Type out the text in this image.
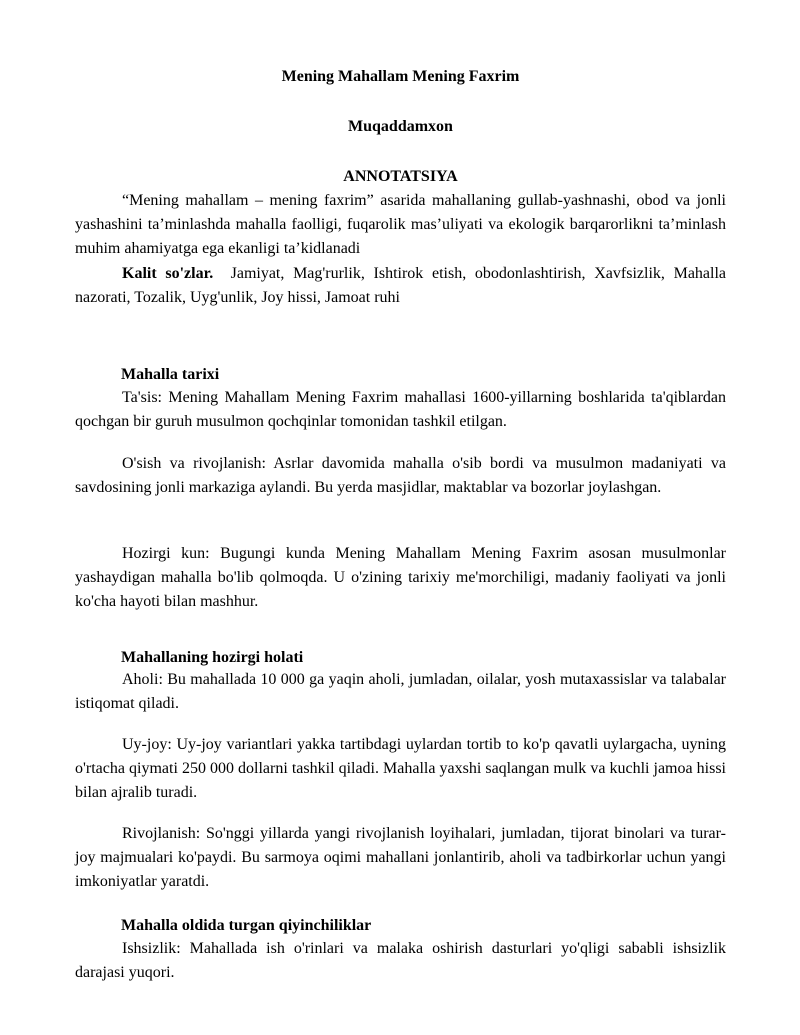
Mening Mahallam Mening Faxrim
Muqaddamxon
ANNOTATSIYA
“Mening mahallam – mening faxrim” asarida mahallaning gullab-yashnashi, obod va jonli yashashini ta’minlashda mahalla faolligi, fuqarolik mas’uliyati va ekologik barqarorlikni ta’minlash muhim ahamiyatga ega ekanligi ta’kidlanadi
Kalit so'zlar. Jamiyat, Mag'rurlik, Ishtirok etish, obodonlashtirish, Xavfsizlik, Mahalla nazorati, Tozalik, Uyg'unlik, Joy hissi, Jamoat ruhi
Mahalla tarixi
Ta'sis: Mening Mahallam Mening Faxrim mahallasi 1600-yillarning boshlarida ta'qiblardan qochgan bir guruh musulmon qochqinlar tomonidan tashkil etilgan.
O'sish va rivojlanish: Asrlar davomida mahalla o'sib bordi va musulmon madaniyati va savdosining jonli markaziga aylandi. Bu yerda masjidlar, maktablar va bozorlar joylashgan.
Hozirgi kun: Bugungi kunda Mening Mahallam Mening Faxrim asosan musulmonlar yashaydigan mahalla bo'lib qolmoqda. U o'zining tarixiy me'morchiligi, madaniy faoliyati va jonli ko'cha hayoti bilan mashhur.
Mahallaning hozirgi holati
Aholi: Bu mahallada 10 000 ga yaqin aholi, jumladan, oilalar, yosh mutaxassislar va talabalar istiqomat qiladi.
Uy-joy: Uy-joy variantlari yakka tartibdagi uylardan tortib to ko'p qavatli uylargacha, uyning o'rtacha qiymati 250 000 dollarni tashkil qiladi. Mahalla yaxshi saqlangan mulk va kuchli jamoa hissi bilan ajralib turadi.
Rivojlanish: So'nggi yillarda yangi rivojlanish loyihalari, jumladan, tijorat binolari va turar-joy majmualari ko'paydi. Bu sarmoya oqimi mahallani jonlantirib, aholi va tadbirkorlar uchun yangi imkoniyatlar yaratdi.
Mahalla oldida turgan qiyinchiliklar
Ishsizlik: Mahallada ish o'rinlari va malaka oshirish dasturlari yo'qligi sababli ishsizlik darajasi yuqori.
